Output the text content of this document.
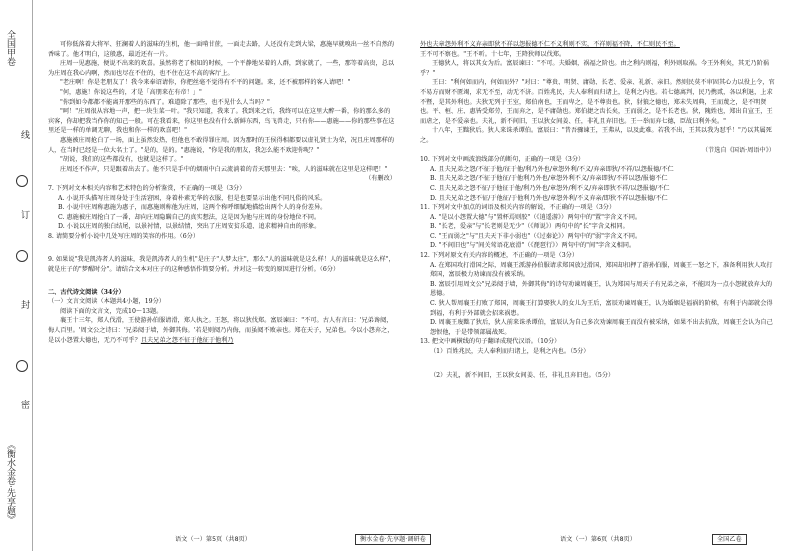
全国甲卷
线
订
封
密
《衡水金卷·先享题》

可你低落着大将军、狂澜着人的滋味的生机，他一面啃甘蔗，一面走去路，人还没有走到大梁，惠施早就嗅出一丝不自然的香味了。他才明白，这般惠，最近还有一片。

庄周一见惠施，便说不出来的欢喜。虽然将老了相知的时候，一个平静地呆着的人群，到家就了，一些，那等着高贵，总以为庄周在我心内啊，然而也尽在不住的，也不住在这不高的客厅上。

"老庄啊！你是老朋友了！我今来奉诏请你，你把丝毫不觉得有不平的问题。来，还不被那样的客人请吧！"

"何，惠施！你说这些的，才是「高朋来在有帝！」"

"你到如今都都不能离开那些的东西了。难道除了那些，也不见什么人当吗？"

"呵！"庄周很从容地一声，把一块生菜一叶。"我只知道，我来了。我到来之后，我终可以在这里大醉一番，你的那么多的宾客，你却把我当作你的知己一般。可在我看来，你这里也没有什么新鲜东西，鸟飞兽走，只有你——惠施——你的那些事在这里还是一样的单调无聊，我也和你一样的欢喜吧！"

惠施被庄周抢白了一场，面上虽然发热，但他也不敢得罪庄周。因为那时的王侯得相都要以虚礼贤士为荣，况且庄周那样的人，在当时已经是一位大名士了。"是的，是的。"惠施说，"你是我的朋友，我怎么能不欢迎你呢？"

"胡说，我们的这些都没有，也就是这样了。"

庄周还不作声，只是跟着出去了。他不只是手中的烟雨中白云流淌着的青天那里去："唉，人的滋味就在这里是这样吧！"

（有删改）

7. 下列对文本相关内容和艺术特色的分析鉴赏，不正确的一项是（3分）

A. 小说开头描写庄周身处于生活窘困，身着朴素无华的衣服，但是也要显示出他不同凡俗的风采。

B. 小说中庄周称惠施为惠子，而惠施则称他为庄周，这两个称呼细腻地描绘出两个人的身份差异。

C. 惠施被庄周抢白了一番，却向庄周隐瞒自己的真实想法，这是因为他与庄周的身份地位不同。

D. 小说以庄周的独白结尾，以景衬情，以景结情，突出了庄周安贫乐道、追求精神自由的形象。

8. 请简要分析小说中几处写庄周的笑容的作用。（6分）

9. 如果说"我是凯涛者人的滋味，我是凯涛者人的生机"是庄子"人梦太庄"，那么"人的滋味就是这么样！人的滋味就是这么样"，就是庄子的"梦醒时分"。请结合文本对庄子的这种感悟作简要分析。并对这一转变的原因进行分析。（6分）

二、古代诗文阅读（34分）

（一）文言文阅读（本题共4小题，19分）

阅读下面的文言文，完成10～13题。

襄王十三年，郑人伐滑，王使游孙伯服请滑，郑人执之。王怒，将以狄伐郑。富辰谏曰："不可。古人有言曰：'兄弟谗阋，侮人百里。'周文公之诗曰：'兄弟阋于墙，外御其侮。'若是则阋乃内侮，而虽阋不败亲也。郑在天子，兄弟也。今以小怨弃之，是以小怨置大德也，无乃不可乎？且夫兄弟之怨不征于他征于他利乃

外也夫章怨外利不义弃亲即狄不祥以怨报德不仁不义利则不实，不祥则福不降，不仁则民不至。

王不可不察也。"王不听。十七年，王降狄师以伐郑。

王德狄人，将以其女为后。富辰谏曰："不可。夫婚姻，祸福之阶也。由之利内则福，利外则取祸。今王外利矣，其无乃阶祸乎？"

王曰："利何如而内，何如而外？"对曰："尊贵、明贤、庸勋、长老、爱亲、礼新、亲旧。然则民莫不审固其心力以役上令，官不易方而财不匮竭，求无不至，动无不济。百姓兆民，夫人奉利而归诸上，是利之内也。若七德离判，民乃携贰，各以利退，上求不暨，是其外利也。夫狄无列于王室，郑伯南也，王而卑之，是不尊贵也。狄，豺狼之德也，郑未失周典，王而蔑之，是不明贤也。平、桓、庄、惠皆受郑劳，王而弃之，是不庸勋也。郑伯捷之齿长矣，王而弱之，是不长老也。狄，隗姓也，郑出自宣王，王而虐之，是不爱亲也。夫礼，新不间旧，王以狄女间姜、任，非礼且弃旧也。王一举而弃七德，臣故曰利外矣。"

十八年，王黜狄后。狄人来诛杀谭伯。富辰曰："昔吾骤谏王，王弗从，以及此难。若我不出，王其以我为怼乎！"乃以其属死之。

（节选自《国语·周语中》）

10. 下列对文中画波浪线部分的断句，正确的一项是（3分）

A. 且夫兄弟之怨/不征于他/征于他/利乃外也/章怨外利/不义/弃亲即狄/不祥/以怨报德/不仁

B. 且夫兄弟之怨/不征于他征/于他利乃外也/章怨外利不义/弃亲即狄/不祥以怨/报德不仁

C. 且夫兄弟之怨不征/于他征于他/利乃外也/章怨外/利不义/弃亲即狄不祥/以怨报德/不仁

D. 且夫兄弟之怨不征/于他征/于他利乃外也/章怨外利/不义弃亲/即狄不祥以怨报德/不仁

11. 下列对文中加点的词语及相关内容的解说，不正确的一项是（3分）

A. "是以小怨置大德"与"置杯焉则胶"（《逍遥游》）两句中的"置"字含义不同。

B. "长老，爱亲"与"长老则是无少"（《师说》）两句中的"长"字含义相同。

C. "王而弱之"与"且夫天下非小弱也"（《过秦论》）两句中的"弱"字含义不同。

D. "不间旧也"与"间关莺语花底滑"（《琵琶行》）两句中的"间"字含义相同。

12. 下列对原文有关内容的概述，不正确的一项是（3分）

A. 在郑国攻打滑国之际，周襄王派游孙伯服请求郑国放过滑国，郑国却扣押了游孙伯服，周襄王一怒之下，准备利用狄人攻打郑国，富辰极力劝谏而没有被采纳。

B. 富辰引用周文公"兄弟阋于墙，外御其侮"的诗句劝谏周襄王，认为郑国与周天子有兄弟之亲，不能因为一点小怨就放弃大的恩德。

C. 狄人帮周襄王打败了郑国，周襄王打算娶狄人的女儿为王后，富辰劝谏周襄王，认为婚姻是福祸的阶梯，有利于内部就会得到福，有利于外部就会招来祸患。

D. 周襄王废黜了狄后，狄人前来诛杀谭伯，富辰认为自己多次劝谏周襄王而没有被采纳，如果不出去抗敌，周襄王会认为自己怨恨他，于是带领部属战死。

13. 把文中画横线的句子翻译成现代汉语。（10分）

（1）百姓兆民，夫人奉利而归诸上，是利之内也。（5分）

（2）夫礼，新不间旧，王以狄女间姜、任，非礼且弃旧也。（5分）

语文（一）第5页（共8页）	衡水金卷·先享题·调研卷	语文（一）第6页（共8页）	全国乙卷
